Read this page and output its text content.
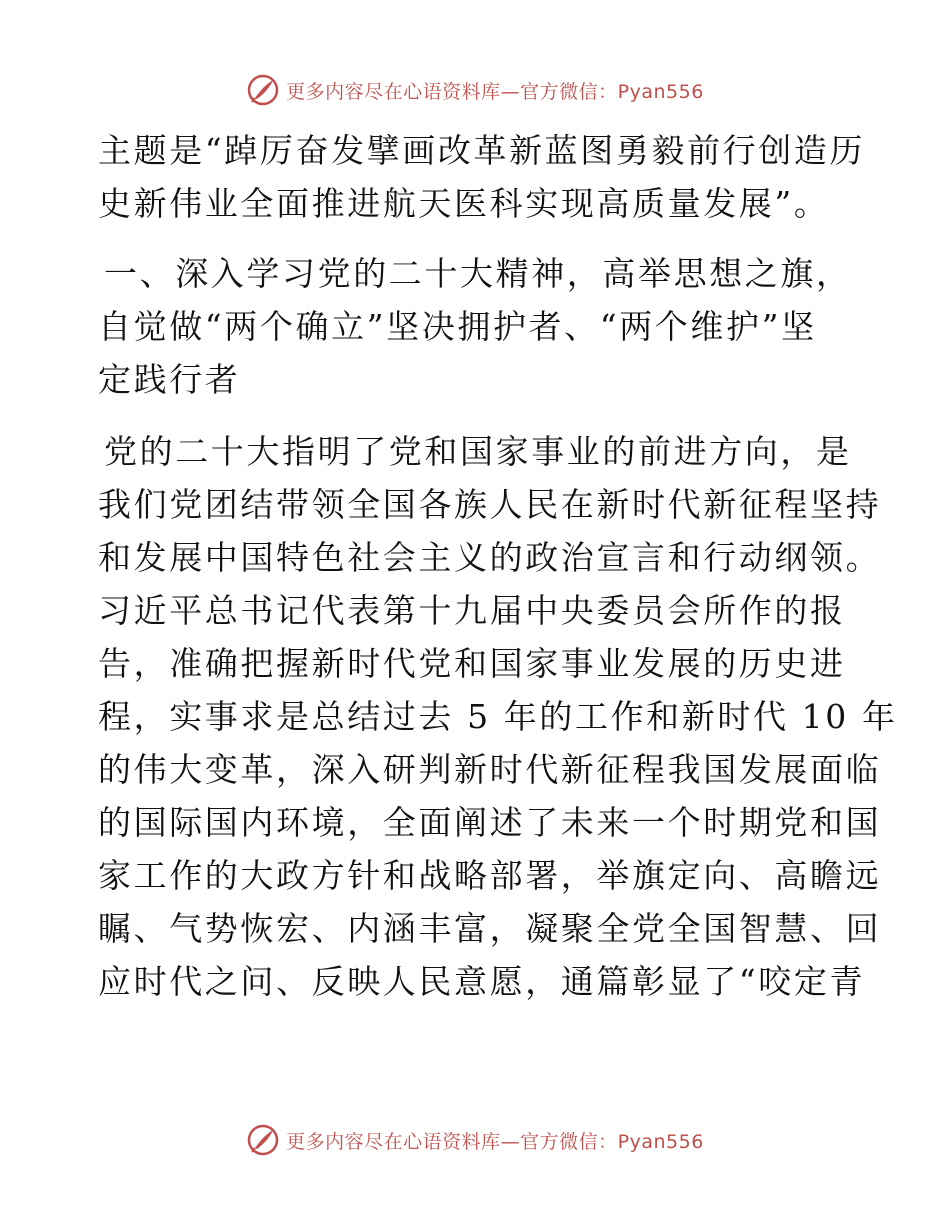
更多内容尽在心语资料库—官方微信：Pyan556
主题是“踔厉奋发擘画改革新蓝图勇毅前行创造历
史新伟业全面推进航天医科实现高质量发展”。
一、深入学习党的二十大精神，高举思想之旗，
自觉做“两个确立”坚决拥护者、“两个维护”坚
定践行者
党的二十大指明了党和国家事业的前进方向，是
我们党团结带领全国各族人民在新时代新征程坚持
和发展中国特色社会主义的政治宣言和行动纲领。
习近平总书记代表第十九届中央委员会所作的报
告，准确把握新时代党和国家事业发展的历史进
程，实事求是总结过去 5 年的工作和新时代 10 年
的伟大变革，深入研判新时代新征程我国发展面临
的国际国内环境，全面阐述了未来一个时期党和国
家工作的大政方针和战略部署，举旗定向、高瞻远
瞩、气势恢宏、内涵丰富，凝聚全党全国智慧、回
应时代之问、反映人民意愿，通篇彰显了“咬定青
更多内容尽在心语资料库—官方微信：Pyan556
